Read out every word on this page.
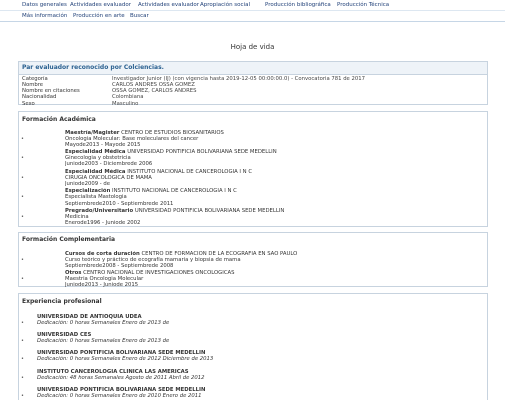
Datos generales Actividades evaluador Actividades evaluador Apropiación social	Producción bibliográfica Producción Técnica
Más información Producción en arte Buscar
Hoja de vida
Par evaluador reconocido por Colciencias.
Categoría	Investigador Junior (IJ) (con vigencia hasta 2019-12-05 00:00:00.0) - Convocatoria 781 de 2017
Nombre	CARLOS ANDRES OSSA GOMEZ
Nombre en citaciones	OSSA GOMEZ, CARLOS ANDRES
Nacionalidad	Colombiana
Sexo	Masculino
Formación Académica
Maestría/Magister CENTRO DE ESTUDIOS BIOSANITARIOS
•	Oncologia Molecular: Base moleculares del cancer
Mayode2013 - Mayode 2015
Especialidad Médica UNIVERSIDAD PONTIFICIA BOLIVARIANA SEDE MEDELLIN
•	Ginecologia y obstetricia
Juniode2003 - Diciembrede 2006
Especialidad Médica INSTITUTO NACIONAL DE CANCEROLOGIA I N C
•	CIRUGIA ONCOLOGICA DE MAMA
Juniode2009 - de
Especialización INSTITUTO NACIONAL DE CANCEROLOGIA I N C
•	Especialista Mastologia
Septiembrede2010 - Septiembrede 2011
Pregrado/Universitario UNIVERSIDAD PONTIFICIA BOLIVARIANA SEDE MEDELLIN
•	Medicina
Enerode1996 - Juniode 2002
Formación Complementaria
Cursos de corta duración CENTRO DE FORMACION DE LA ECOGRAFIA EN SAO PAULO
•	Curso teórico y práctico de ecografía mamaria y biopsia de mama
Septiembrede2008 - Septiembrede 2008
Otros CENTRO NACIONAL DE INVESTIGACIONES ONCOLOGICAS
•	Maestria Oncologia Molecular
Juniode2013 - Juniode 2015
Experiencia profesional
•
UNIVERSIDAD DE ANTIOQUIA UDEA
Dedicación: 0 horas Semanales Enero de 2013 de
•
UNIVERSIDAD CES
Dedicación: 0 horas Semanales Enero de 2013 de
•
UNIVERSIDAD PONTIFICIA BOLIVARIANA SEDE MEDELLIN
Dedicación: 0 horas Semanales Enero de 2012 Diciembre de 2013
•
INSTITUTO CANCEROLOGIA CLINICA LAS AMERICAS
Dedicación: 48 horas Semanales Agosto de 2011 Abril de 2012
•
UNIVERSIDAD PONTIFICIA BOLIVARIANA SEDE MEDELLIN
Dedicación: 0 horas Semanales Enero de 2010 Enero de 2011
